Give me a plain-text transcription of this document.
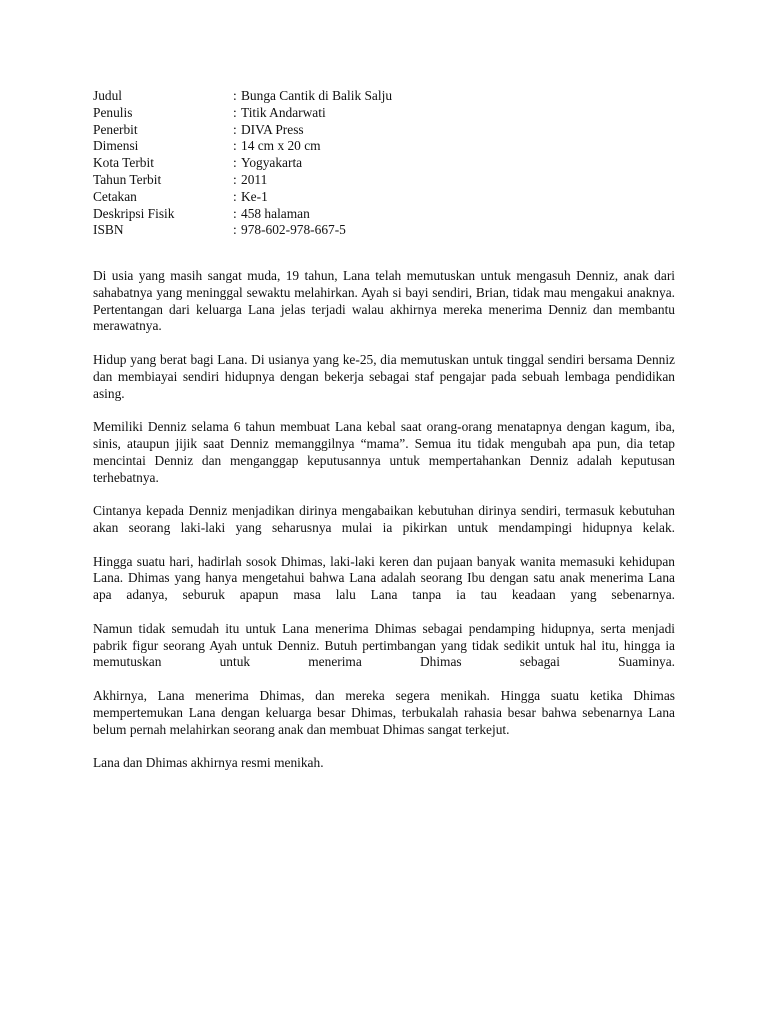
Judul	: Bunga Cantik di Balik Salju
Penulis	: Titik Andarwati
Penerbit	: DIVA Press
Dimensi	: 14 cm x 20 cm
Kota Terbit	: Yogyakarta
Tahun Terbit	: 2011
Cetakan	: Ke-1
Deskripsi Fisik	: 458 halaman
ISBN	: 978-602-978-667-5

Di usia yang masih sangat muda, 19 tahun, Lana telah memutuskan untuk mengasuh Denniz, anak dari sahabatnya yang meninggal sewaktu melahirkan. Ayah si bayi sendiri, Brian, tidak mau mengakui anaknya. Pertentangan dari keluarga Lana jelas terjadi walau akhirnya mereka menerima Denniz dan membantu merawatnya.

Hidup yang berat bagi Lana. Di usianya yang ke-25, dia memutuskan untuk tinggal sendiri bersama Denniz dan membiayai sendiri hidupnya dengan bekerja sebagai staf pengajar pada sebuah lembaga pendidikan asing.

Memiliki Denniz selama 6 tahun membuat Lana kebal saat orang-orang menatapnya dengan kagum, iba, sinis, ataupun jijik saat Denniz memanggilnya “mama”. Semua itu tidak mengubah apa pun, dia tetap mencintai Denniz dan menganggap keputusannya untuk mempertahankan Denniz adalah keputusan terhebatnya.

Cintanya kepada Denniz menjadikan dirinya mengabaikan kebutuhan dirinya sendiri, termasuk kebutuhan akan seorang laki-laki yang seharusnya mulai ia pikirkan untuk mendampingi hidupnya kelak.

Hingga suatu hari, hadirlah sosok Dhimas, laki-laki keren dan pujaan banyak wanita memasuki kehidupan Lana. Dhimas yang hanya mengetahui bahwa Lana adalah seorang Ibu dengan satu anak menerima Lana apa adanya, seburuk apapun masa lalu Lana tanpa ia tau keadaan yang sebenarnya.

Namun tidak semudah itu untuk Lana menerima Dhimas sebagai pendamping hidupnya, serta menjadi pabrik figur seorang Ayah untuk Denniz. Butuh pertimbangan yang tidak sedikit untuk hal itu, hingga ia memutuskan untuk menerima Dhimas sebagai Suaminya.

Akhirnya, Lana menerima Dhimas, dan mereka segera menikah. Hingga suatu ketika Dhimas mempertemukan Lana dengan keluarga besar Dhimas, terbukalah rahasia besar bahwa sebenarnya Lana belum pernah melahirkan seorang anak dan membuat Dhimas sangat terkejut.

Lana dan Dhimas akhirnya resmi menikah.
